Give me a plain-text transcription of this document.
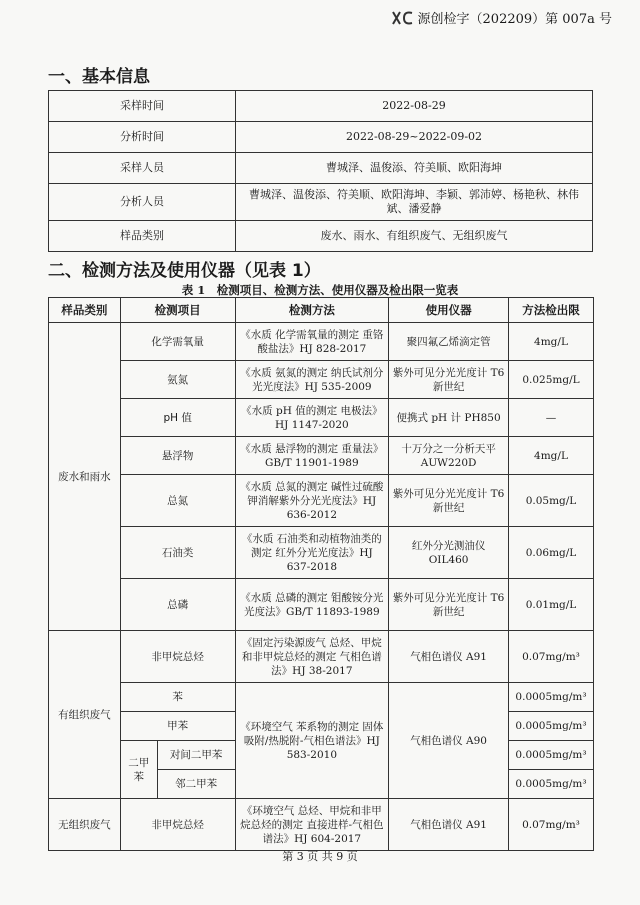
源创检字（202209）第 007a 号
一、基本信息
采样时间	2022-08-29
分析时间	2022-08-29~2022-09-02
采样人员	曹城泽、温俊添、符美顺、欧阳海坤
分析人员	曹城泽、温俊添、符美顺、欧阳海坤、李颖、郭沛婷、杨艳秋、林伟斌、潘爱静
样品类别	废水、雨水、有组织废气、无组织废气
二、检测方法及使用仪器（见表 1）
表 1　检测项目、检测方法、使用仪器及检出限一览表
样品类别	检测项目		检测方法	使用仪器	方法检出限
废水和雨水	化学需氧量		《水质 化学需氧量的测定 重铬酸盐法》HJ 828-2017	聚四氟乙烯滴定管	4mg/L
	氨氮		《水质 氨氮的测定 纳氏试剂分光光度法》HJ 535-2009	紫外可见分光光度计 T6 新世纪	0.025mg/L
	pH 值		《水质 pH 值的测定 电极法》HJ 1147-2020	便携式 pH 计 PH850	—
	悬浮物		《水质 悬浮物的测定 重量法》GB/T 11901-1989	十万分之一分析天平 AUW220D	4mg/L
	总氮		《水质 总氮的测定 碱性过硫酸钾消解紫外分光光度法》HJ 636-2012	紫外可见分光光度计 T6 新世纪	0.05mg/L
	石油类		《水质 石油类和动植物油类的测定 红外分光光度法》HJ 637-2018	红外分光测油仪 OIL460	0.06mg/L
	总磷		《水质 总磷的测定 钼酸铵分光光度法》GB/T 11893-1989	紫外可见分光光度计 T6 新世纪	0.01mg/L
有组织废气	非甲烷总烃		《固定污染源废气 总烃、甲烷和非甲烷总烃的测定 气相色谱法》HJ 38-2017	气相色谱仪 A91	0.07mg/m³
	苯		《环境空气 苯系物的测定 固体吸附/热脱附-气相色谱法》HJ 583-2010	气相色谱仪 A90	0.0005mg/m³
	甲苯				0.0005mg/m³
	二甲苯	对间二甲苯			0.0005mg/m³
		邻二甲苯			0.0005mg/m³
无组织废气	非甲烷总烃		《环境空气 总烃、甲烷和非甲烷总烃的测定 直接进样-气相色谱法》HJ 604-2017	气相色谱仪 A91	0.07mg/m³
第 3 页 共 9 页
